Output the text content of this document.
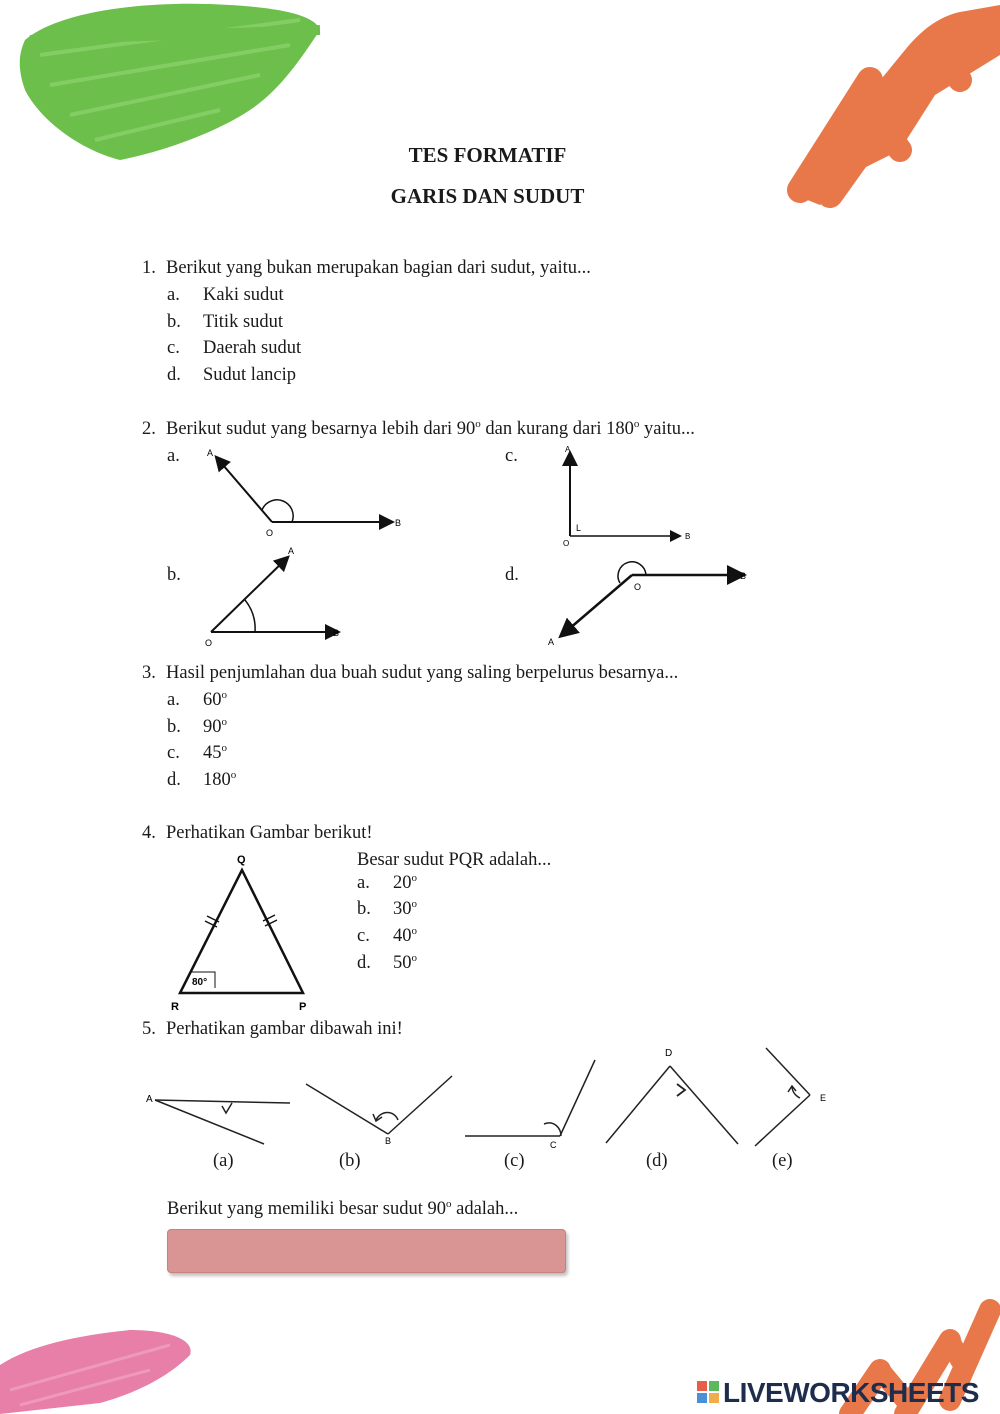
TES FORMATIF
GARIS DAN SUDUT
1. Berikut yang bukan merupakan bagian dari sudut, yaitu...
a. Kaki sudut
b. Titik sudut
c. Daerah sudut
d. Sudut lancip
2. Berikut sudut yang besarnya lebih dari 90$^o$ dan kurang dari 180$^o$ yaitu...
a.	c.
b.	d.
A
B
O
A
B
O
L
A
B
O
O
B
A
3. Hasil penjumlahan dua buah sudut yang saling berpelurus besarnya...
a. 60$^o$
b. 90$^o$
c. 45$^o$
d. 180$^o$
4. Perhatikan Gambar berikut!
Q
R	P
80°
Besar sudut PQR adalah...
a. 20$^o$
b. 30$^o$
c. 40$^o$
d. 50$^o$
5. Perhatikan gambar dibawah ini!
A
B	C
D
E
(a)	(b)	(c)	(d)	(e)
Berikut yang memiliki besar sudut 90$^o$ adalah...
LIVEWORKSHEETS
